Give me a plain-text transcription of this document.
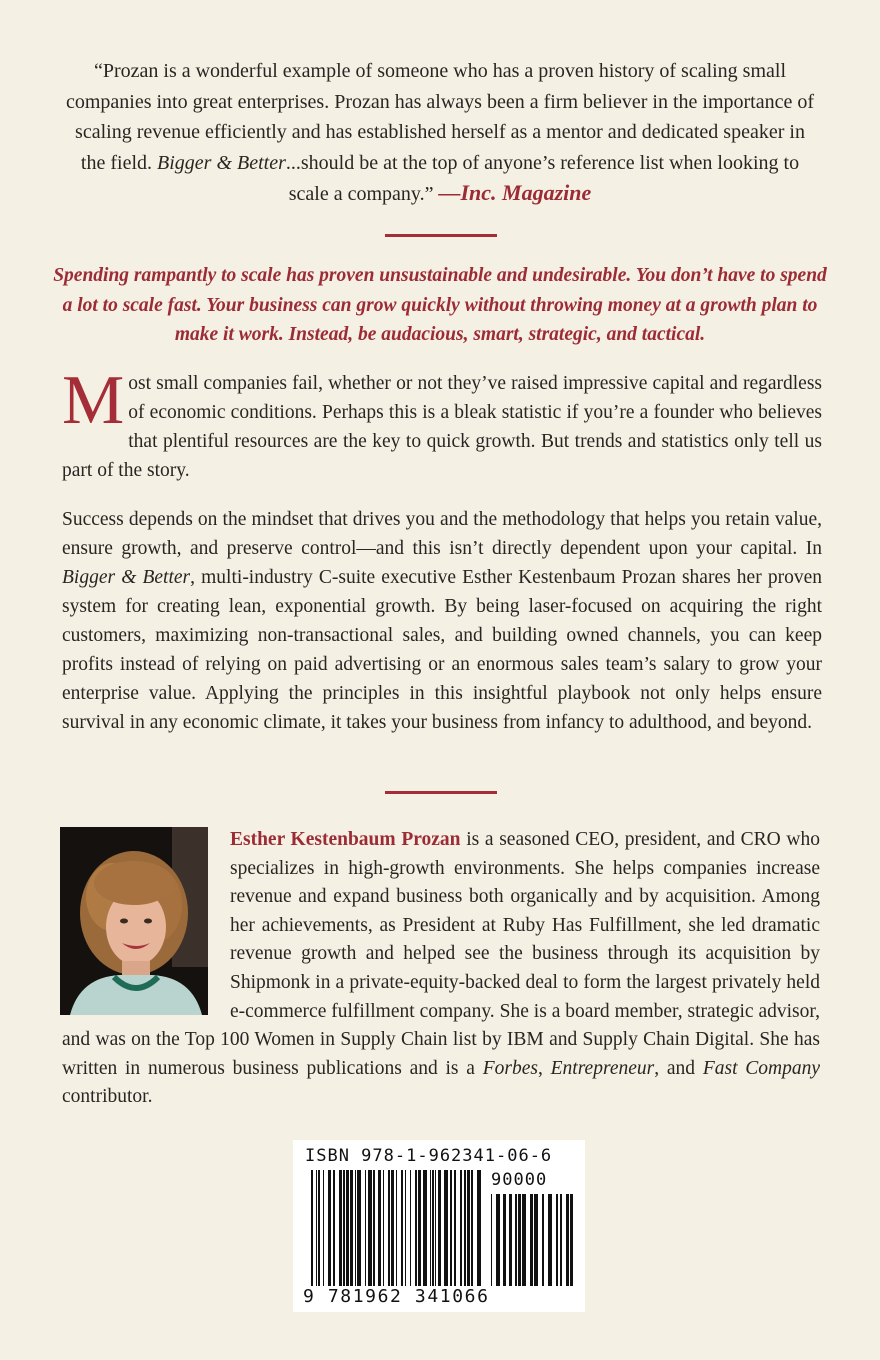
“Prozan is a wonderful example of someone who has a proven history of scaling small companies into great enterprises. Prozan has always been a firm believer in the importance of scaling revenue efficiently and has established herself as a mentor and dedicated speaker in the field. Bigger & Better...should be at the top of anyone’s reference list when looking to scale a company.” —Inc. Magazine
Spending rampantly to scale has proven unsustainable and undesirable. You don’t have to spend a lot to scale fast. Your business can grow quickly without throwing money at a growth plan to make it work. Instead, be audacious, smart, strategic, and tactical.
Most small companies fail, whether or not they’ve raised impressive capital and regardless of economic conditions. Perhaps this is a bleak statistic if you’re a founder who believes that plentiful resources are the key to quick growth. But trends and statistics only tell us part of the story.
Success depends on the mindset that drives you and the methodology that helps you retain value, ensure growth, and preserve control—and this isn’t directly dependent upon your capital. In Bigger & Better, multi-industry C-suite executive Esther Kestenbaum Prozan shares her proven system for creating lean, exponential growth. By being laser-focused on acquiring the right customers, maximizing non-transactional sales, and building owned channels, you can keep profits instead of relying on paid advertising or an enormous sales team’s salary to grow your enterprise value. Applying the principles in this insightful playbook not only helps ensure survival in any economic climate, it takes your business from infancy to adulthood, and beyond.
Esther Kestenbaum Prozan is a seasoned CEO, president, and CRO who specializes in high-growth environments. She helps companies increase revenue and expand business both organically and by acquisition. Among her achievements, as President at Ruby Has Fulfillment, she led dramatic revenue growth and helped see the business through its acquisition by Shipmonk in a private-equity-backed deal to form the largest privately held e-commerce fulfillment company. She is a board member, strategic advisor, and was on the Top 100 Women in Supply Chain list by IBM and Supply Chain Digital. She has written in numerous business publications and is a Forbes, Entrepreneur, and Fast Company contributor.
ISBN 978-1-962341-06-6
90000
9 781962 341066
